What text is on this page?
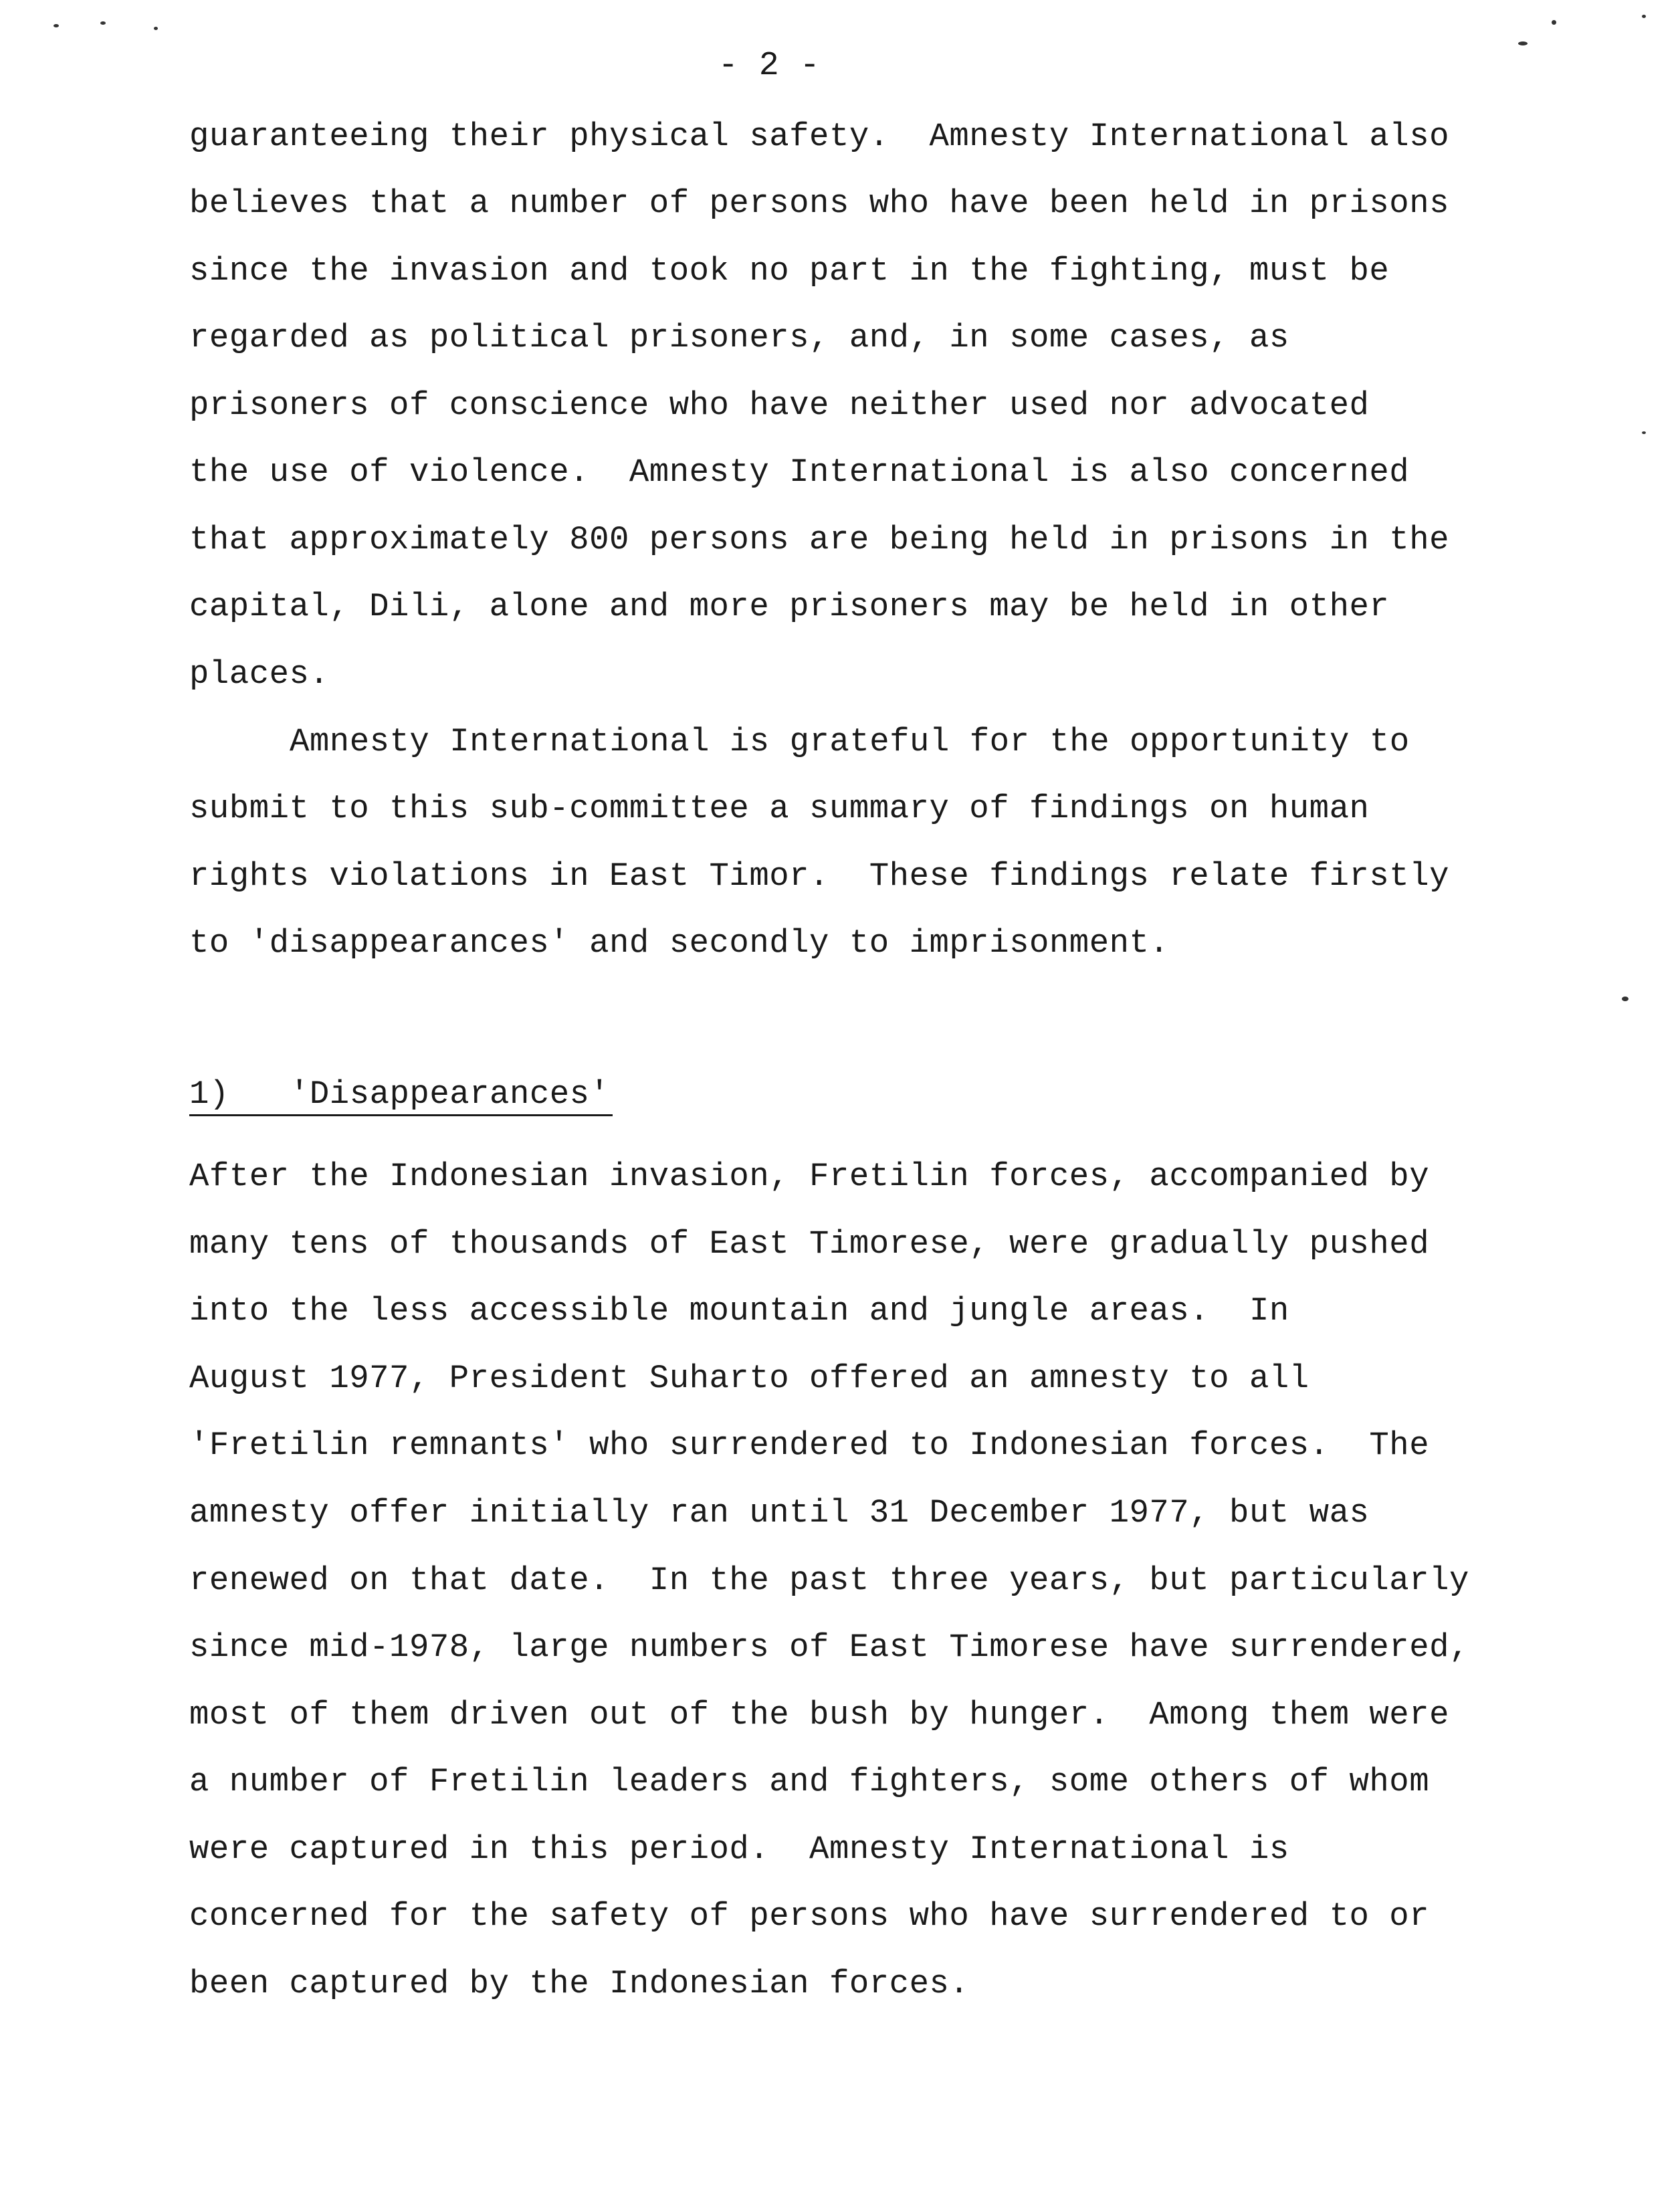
- 2 -
guaranteeing their physical safety.  Amnesty International also
believes that a number of persons who have been held in prisons
since the invasion and took no part in the fighting, must be
regarded as political prisoners, and, in some cases, as
prisoners of conscience who have neither used nor advocated
the use of violence.  Amnesty International is also concerned
that approximately 800 persons are being held in prisons in the
capital, Dili, alone and more prisoners may be held in other
places.
Amnesty International is grateful for the opportunity to
submit to this sub-committee a summary of findings on human
rights violations in East Timor.  These findings relate firstly
to 'disappearances' and secondly to imprisonment.
1) 'Disappearances'
After the Indonesian invasion, Fretilin forces, accompanied by
many tens of thousands of East Timorese, were gradually pushed
into the less accessible mountain and jungle areas.  In
August 1977, President Suharto offered an amnesty to all
'Fretilin remnants' who surrendered to Indonesian forces.  The
amnesty offer initially ran until 31 December 1977, but was
renewed on that date.  In the past three years, but particularly
since mid-1978, large numbers of East Timorese have surrendered,
most of them driven out of the bush by hunger.  Among them were
a number of Fretilin leaders and fighters, some others of whom
were captured in this period.  Amnesty International is
concerned for the safety of persons who have surrendered to or
been captured by the Indonesian forces.
